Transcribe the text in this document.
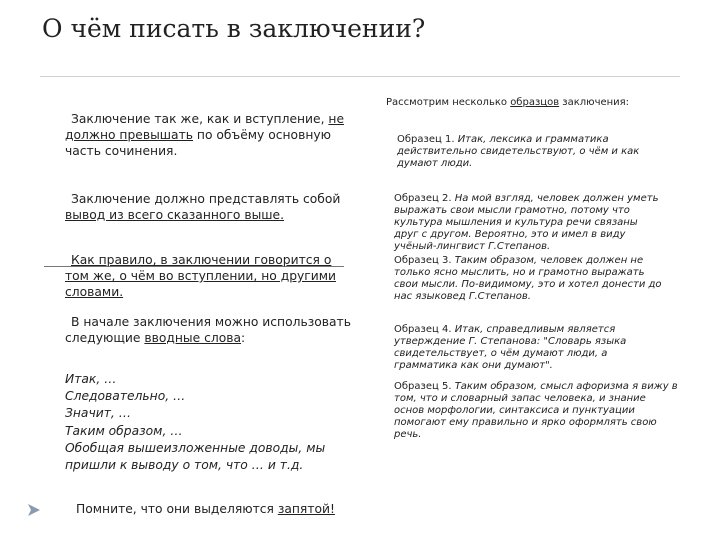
О чём писать в заключении?

Заключение так же, как и вступление, не должно превышать по объёму основную часть сочинения.

Заключение должно представлять собой вывод из всего сказанного выше.

Как правило, в заключении говорится о том же, о чём во вступлении, но другими словами.

В начале заключения можно использовать следующие вводные слова:

Итак, …
Следовательно, …
Значит, …
Таким образом, …
Обобщая вышеизложенные доводы, мы пришли к выводу о том, что … и т.д.

Помните, что они выделяются запятой!

Рассмотрим несколько образцов заключения:
Образец 1. Итак, лексика и грамматика действительно свидетельствуют, о чём и как думают люди.
Образец 2. На мой взгляд, человек должен уметь выражать свои мысли грамотно, потому что культура мышления и культура речи связаны друг с другом. Вероятно, это и имел в виду учёный-лингвист Г.Степанов.
Образец 3. Таким образом, человек должен не только ясно мыслить, но и грамотно выражать свои мысли. По-видимому, это и хотел донести до нас языковед Г.Степанов.
Образец 4. Итак, справедливым является утверждение Г. Степанова: "Словарь языка свидетельствует, о чём думают люди, а грамматика как они думают".
Образец 5. Таким образом, смысл афоризма я вижу в том, что и словарный запас человека, и знание основ морфологии, синтаксиса и пунктуации помогают ему правильно и ярко оформлять свою речь.
